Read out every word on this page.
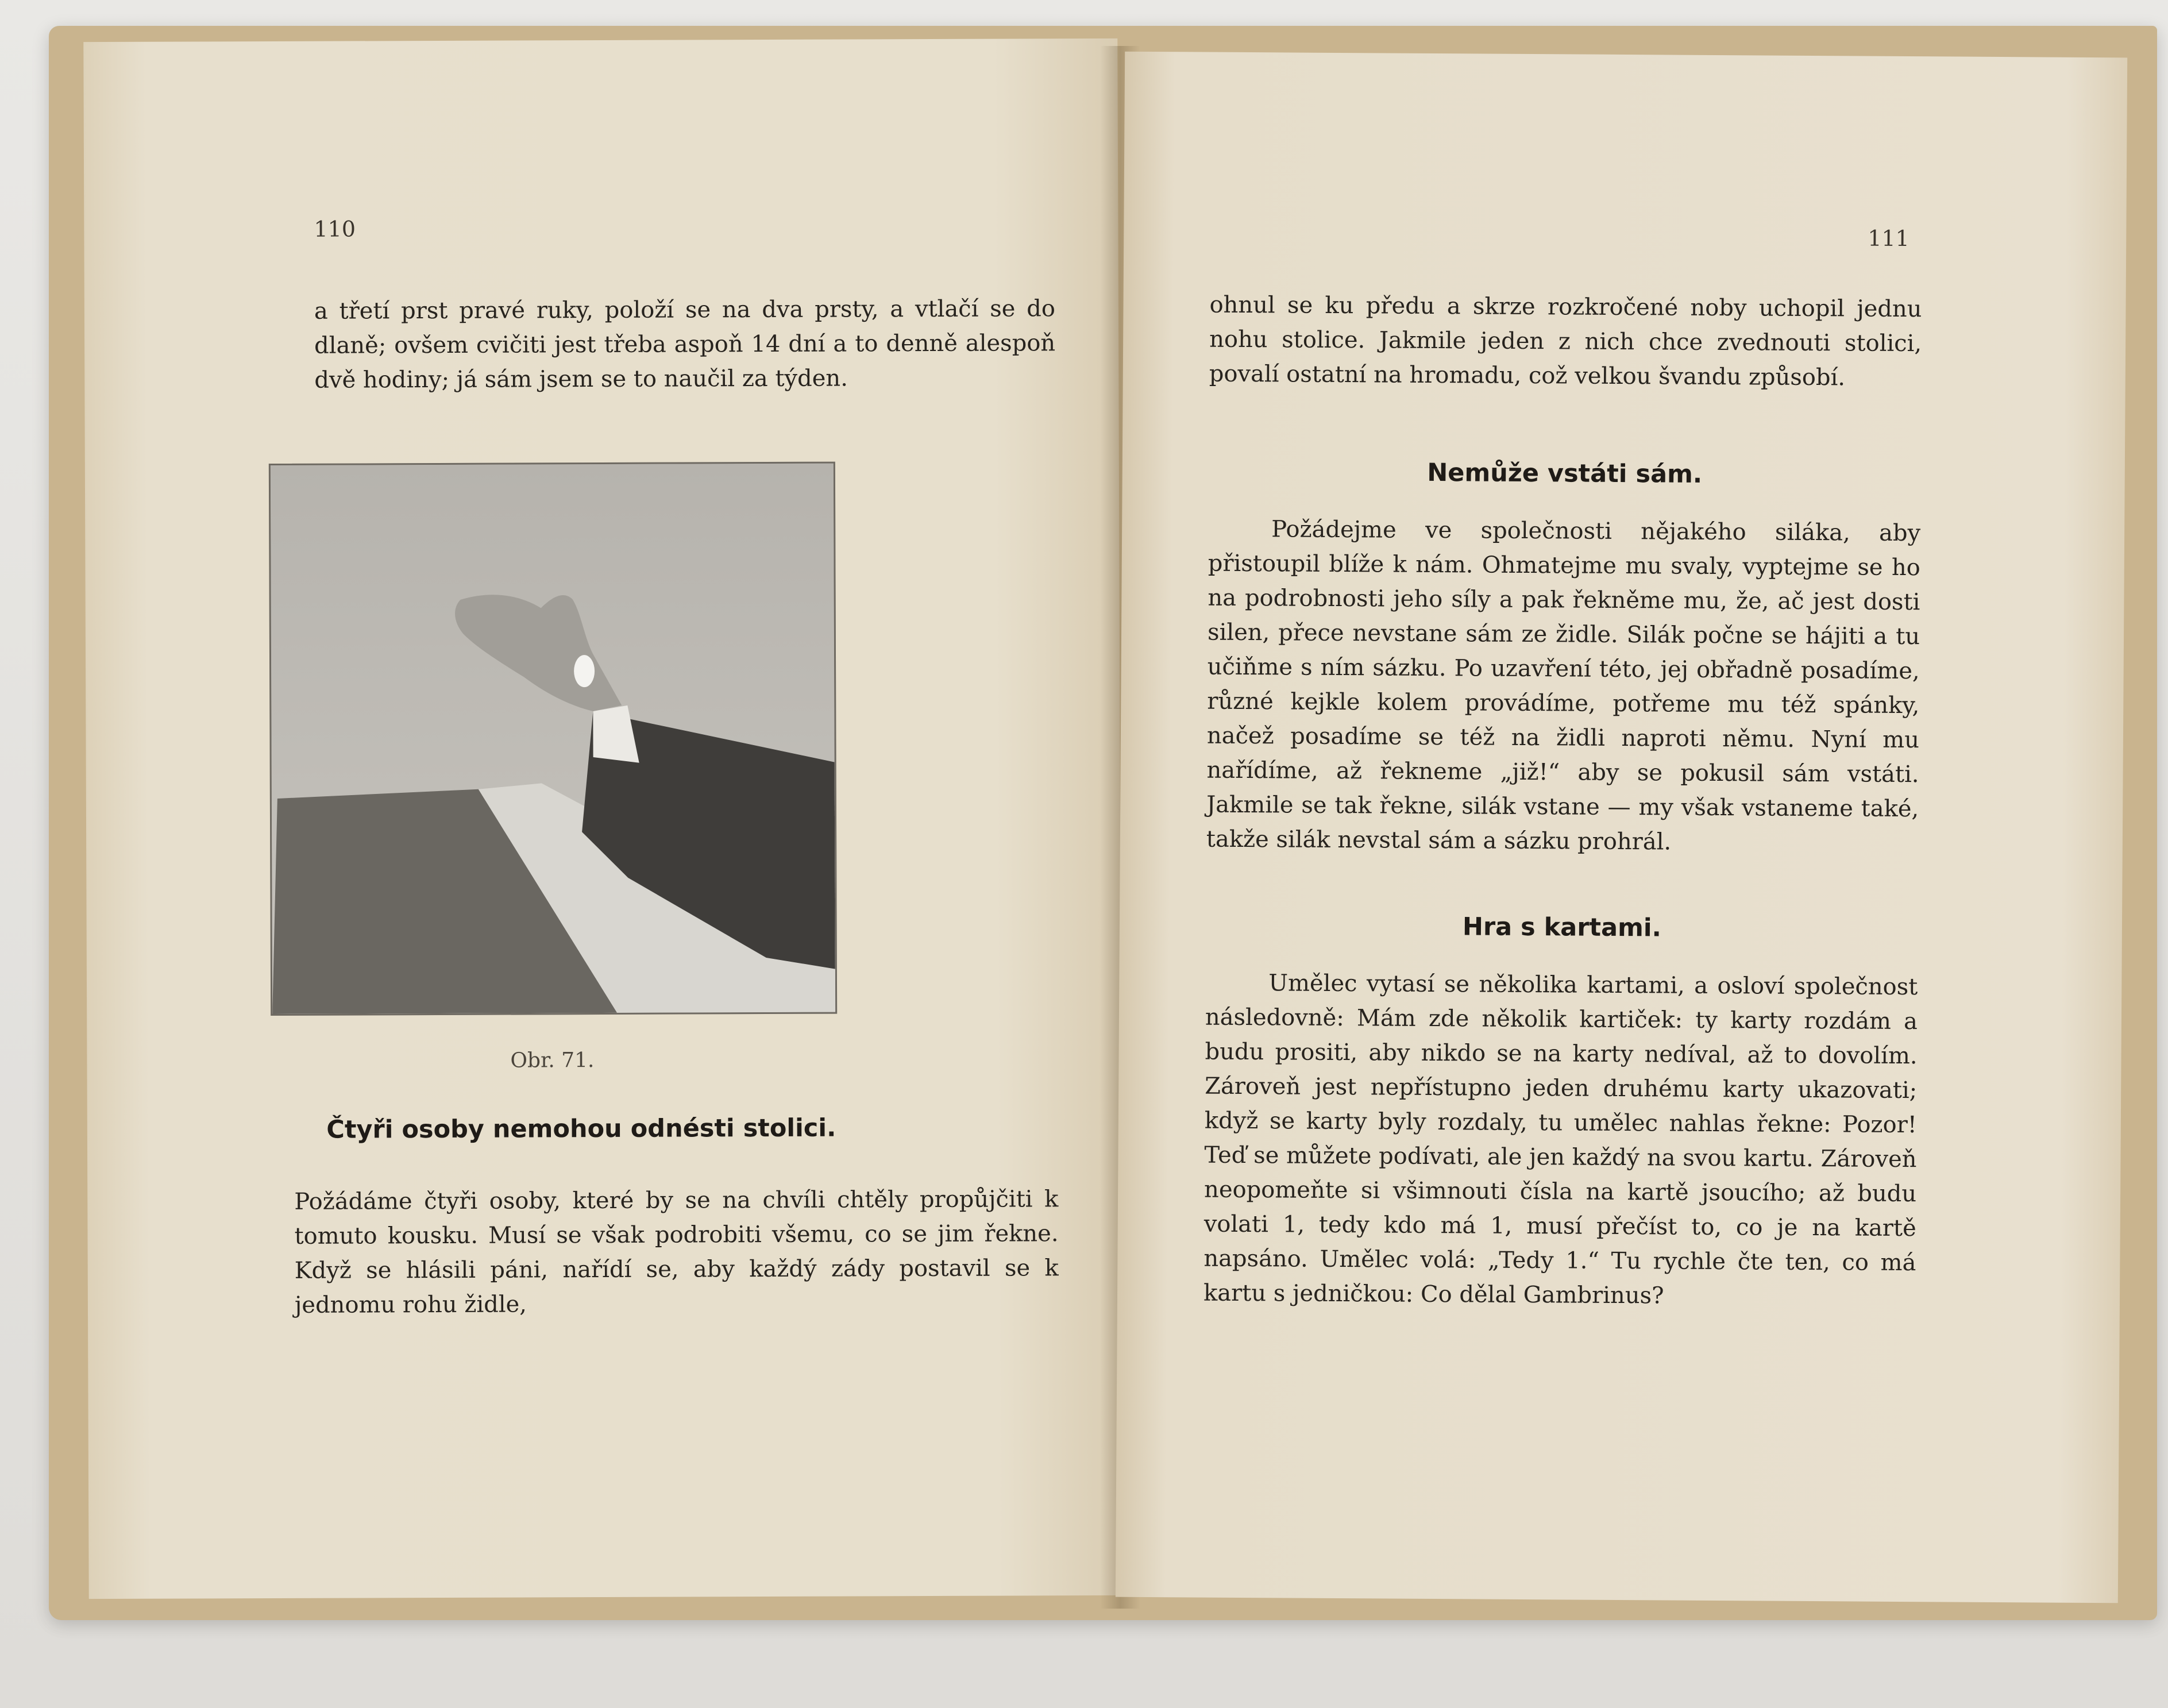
110

a třetí prst pravé ruky, položí se na dva prsty, a vtlačí se do dlaně; ovšem cvičiti jest třeba aspoň 14 dní a to denně alespoň dvě hodiny; já sám jsem se to naučil za týden.

Obr. 71.
Čtyři osoby nemohou odnésti stolici.

Požádáme čtyři osoby, které by se na chvíli chtěly propůjčiti k tomuto kousku. Musí se však podrobiti všemu, co se jim řekne. Když se hlásili páni, nařídí se, aby každý zády postavil se k jednomu rohu židle,

111

ohnul se ku předu a skrze rozkročené noby uchopil jednu nohu stolice. Jakmile jeden z nich chce zvednouti stolici, povalí ostatní na hromadu, což velkou švandu způsobí.

Nemůže vstáti sám.

Požádejme ve společnosti nějakého siláka, aby přistoupil blíže k nám. Ohmatejme mu svaly, vyptejme se ho na podrobnosti jeho síly a pak řekněme mu, že, ač jest dosti silen, přece nevstane sám ze židle. Silák počne se hájiti a tu učiňme s ním sázku. Po uzavření této, jej obřadně posadíme, různé kejkle kolem provádíme, potřeme mu též spánky, načež posadíme se též na židli naproti němu. Nyní mu nařídíme, až řekneme „již!“ aby se pokusil sám vstáti. Jakmile se tak řekne, silák vstane — my však vstaneme také, takže silák nevstal sám a sázku prohrál.

Hra s kartami.

Umělec vytasí se několika kartami, a osloví společnost následovně: Mám zde několik kartiček: ty karty rozdám a budu prositi, aby nikdo se na karty nedíval, až to dovolím. Zároveň jest nepřístupno jeden druhému karty ukazovati; když se karty byly rozdaly, tu umělec nahlas řekne: Pozor! Teď se můžete podívati, ale jen každý na svou kartu. Zároveň neopomeňte si všimnouti čísla na kartě jsoucího; až budu volati 1, tedy kdo má 1, musí přečíst to, co je na kartě napsáno. Umělec volá: „Tedy 1.“ Tu rychle čte ten, co má kartu s jedničkou: Co dělal Gambrinus?
